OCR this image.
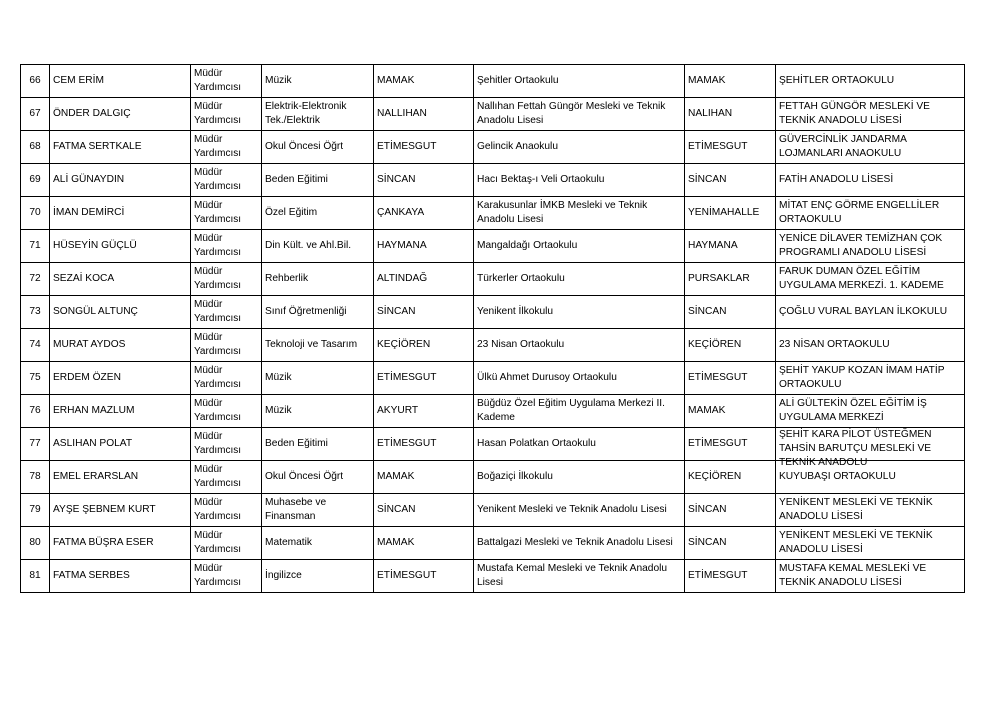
66	CEM ERİM	Müdür Yardımcısı	Müzik	MAMAK	Şehitler Ortaokulu	MAMAK	ŞEHİTLER ORTAOKULU

67	ÖNDER DALGIÇ	Müdür Yardımcısı	Elektrik-Elektronik Tek./Elektrik	NALLIHAN	Nallıhan Fettah Güngör Mesleki ve Teknik Anadolu Lisesi	NALIHAN	FETTAH GÜNGÖR MESLEKİ VE TEKNİK ANADOLU LİSESİ

68	FATMA SERTKALE	Müdür Yardımcısı	Okul Öncesi Öğrt	ETİMESGUT	Gelincik Anaokulu	ETİMESGUT	GÜVERCİNLİK JANDARMA LOJMANLARI ANAOKULU

69	ALİ GÜNAYDIN	Müdür Yardımcısı	Beden Eğitimi	SİNCAN	Hacı Bektaş-ı Veli Ortaokulu	SİNCAN	FATİH ANADOLU LİSESİ

70	İMAN DEMİRCİ	Müdür Yardımcısı	Özel Eğitim	ÇANKAYA	Karakusunlar İMKB Mesleki ve Teknik Anadolu Lisesi	YENİMAHALLE	MİTAT ENÇ GÖRME ENGELLİLER ORTAOKULU

71	HÜSEYİN GÜÇLÜ	Müdür Yardımcısı	Din Kült. ve Ahl.Bil.	HAYMANA	Mangaldağı Ortaokulu	HAYMANA	YENİCE DİLAVER TEMİZHAN ÇOK PROGRAMLI ANADOLU LİSESİ

72	SEZAİ KOCA	Müdür Yardımcısı	Rehberlik	ALTINDAĞ	Türkerler Ortaokulu	PURSAKLAR	FARUK DUMAN ÖZEL EĞİTİM UYGULAMA MERKEZİ. 1. KADEME

73	SONGÜL ALTUNÇ	Müdür Yardımcısı	Sınıf Öğretmenliği	SİNCAN	Yenikent İlkokulu	SİNCAN	ÇOĞLU VURAL BAYLAN İLKOKULU

74	MURAT AYDOS	Müdür Yardımcısı	Teknoloji ve Tasarım	KEÇİÖREN	23 Nisan Ortaokulu	KEÇİÖREN	23 NİSAN ORTAOKULU

75	ERDEM ÖZEN	Müdür Yardımcısı	Müzik	ETİMESGUT	Ülkü Ahmet Durusoy Ortaokulu	ETİMESGUT	ŞEHİT YAKUP KOZAN İMAM HATİP ORTAOKULU

76	ERHAN MAZLUM	Müdür Yardımcısı	Müzik	AKYURT	Büğdüz Özel Eğitim Uygulama Merkezi II. Kademe	MAMAK	ALİ GÜLTEKİN ÖZEL EĞİTİM İŞ UYGULAMA MERKEZİ

77	ASLIHAN POLAT	Müdür Yardımcısı	Beden Eğitimi	ETİMESGUT	Hasan Polatkan Ortaokulu	ETİMESGUT	ŞEHİT KARA PİLOT ÜSTEĞMEN TAHSİN BARUTÇU MESLEKİ VE TEKNİK ANADOLU

78	EMEL ERARSLAN	Müdür Yardımcısı	Okul Öncesi Öğrt	MAMAK	Boğaziçi İlkokulu	KEÇİÖREN	KUYUBAŞI ORTAOKULU

79	AYŞE ŞEBNEM KURT	Müdür Yardımcısı	Muhasebe ve Finansman	SİNCAN	Yenikent Mesleki ve Teknik Anadolu Lisesi	SİNCAN	YENİKENT MESLEKİ VE TEKNİK ANADOLU LİSESİ

80	FATMA BÜŞRA ESER	Müdür Yardımcısı	Matematik	MAMAK	Battalgazi Mesleki ve Teknik Anadolu Lisesi	SİNCAN	YENİKENT MESLEKİ VE TEKNİK ANADOLU LİSESİ

81	FATMA SERBES	Müdür Yardımcısı	İngilizce	ETİMESGUT	Mustafa Kemal Mesleki ve Teknik Anadolu Lisesi	ETİMESGUT	MUSTAFA KEMAL MESLEKİ VE TEKNİK ANADOLU LİSESİ
